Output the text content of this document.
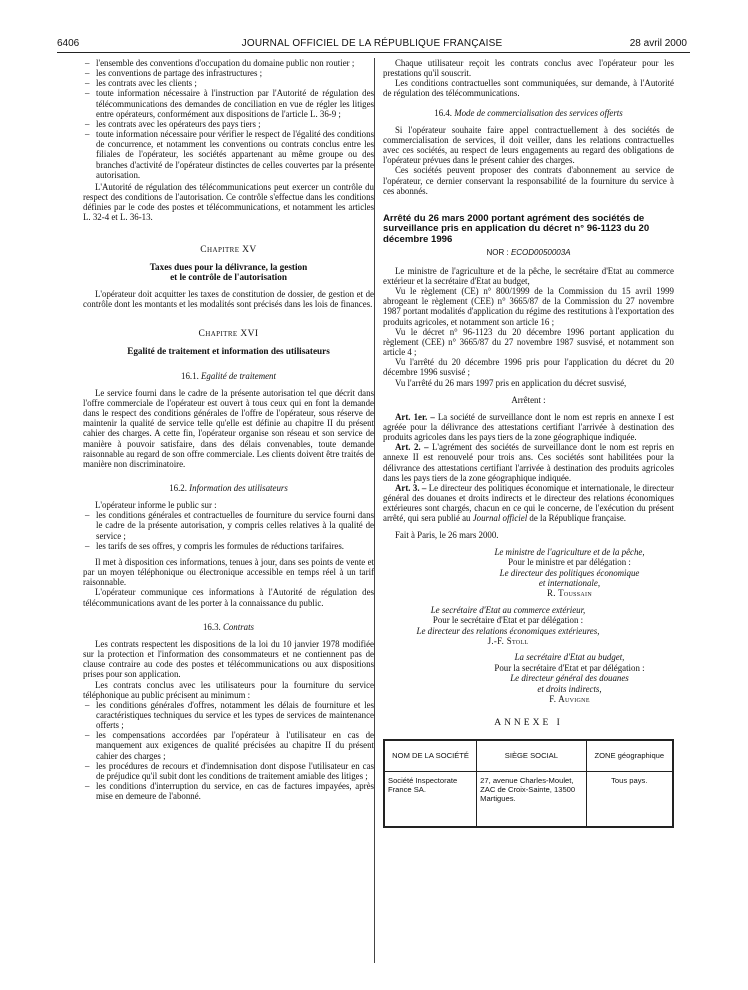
6406	JOURNAL OFFICIEL DE LA RÉPUBLIQUE FRANÇAISE	28 avril 2000
– l'ensemble des conventions d'occupation du domaine public non routier ;
– les conventions de partage des infrastructures ;
– les contrats avec les clients ;
– toute information nécessaire à l'instruction par l'Autorité de régulation des télécommunications des demandes de conciliation en vue de régler les litiges entre opérateurs, conformément aux dispositions de l'article L. 36-9 ;
– les contrats avec les opérateurs des pays tiers ;
– toute information nécessaire pour vérifier le respect de l'égalité des conditions de concurrence, et notamment les conventions ou contrats conclus entre les filiales de l'opérateur, les sociétés appartenant au même groupe ou des branches d'activité de l'opérateur distinctes de celles couvertes par la présente autorisation.

L'Autorité de régulation des télécommunications peut exercer un contrôle du respect des conditions de l'autorisation. Ce contrôle s'effectue dans les conditions définies par le code des postes et télécommunications, et notamment les articles L. 32-4 et L. 36-13.

Chapitre XV
Taxes dues pour la délivrance, la gestion
et le contrôle de l'autorisation

L'opérateur doit acquitter les taxes de constitution de dossier, de gestion et de contrôle dont les montants et les modalités sont précisés dans les lois de finances.

Chapitre XVI
Egalité de traitement et information des utilisateurs
16.1. Egalité de traitement

Le service fourni dans le cadre de la présente autorisation tel que décrit dans l'offre commerciale de l'opérateur est ouvert à tous ceux qui en font la demande dans le respect des conditions générales de l'offre de l'opérateur, sous réserve de maintenir la qualité de service telle qu'elle est définie au chapitre II du présent cahier des charges. A cette fin, l'opérateur organise son réseau et son service de manière à pouvoir satisfaire, dans des délais convenables, toute demande raisonnable au regard de son offre commerciale. Les clients doivent être traités de manière non discriminatoire.

16.2. Information des utilisateurs

L'opérateur informe le public sur :

– les conditions générales et contractuelles de fourniture du service fourni dans le cadre de la présente autorisation, y compris celles relatives à la qualité de service ;
– les tarifs de ses offres, y compris les formules de réductions tarifaires.

Il met à disposition ces informations, tenues à jour, dans ses points de vente et par un moyen téléphonique ou électronique accessible en temps réel à un tarif raisonnable.

L'opérateur communique ces informations à l'Autorité de régulation des télécommunications avant de les porter à la connaissance du public.

16.3. Contrats

Les contrats respectent les dispositions de la loi du 10 janvier 1978 modifiée sur la protection et l'information des consommateurs et ne contiennent pas de clause contraire au code des postes et télécommunications ou aux dispositions prises pour son application.

Les contrats conclus avec les utilisateurs pour la fourniture du service téléphonique au public précisent au minimum :

– les conditions générales d'offres, notamment les délais de fourniture et les caractéristiques techniques du service et les types de services de maintenance offerts ;
– les compensations accordées par l'opérateur à l'utilisateur en cas de manquement aux exigences de qualité précisées au chapitre II du présent cahier des charges ;
– les procédures de recours et d'indemnisation dont dispose l'utilisateur en cas de préjudice qu'il subit dont les conditions de traitement amiable des litiges ;
– les conditions d'interruption du service, en cas de factures impayées, après mise en demeure de l'abonné.

Chaque utilisateur reçoit les contrats conclus avec l'opérateur pour les prestations qu'il souscrit.

Les conditions contractuelles sont communiquées, sur demande, à l'Autorité de régulation des télécommunications.

16.4. Mode de commercialisation des services offerts

Si l'opérateur souhaite faire appel contractuellement à des sociétés de commercialisation de services, il doit veiller, dans les relations contractuelles avec ces sociétés, au respect de leurs engagements au regard des obligations de l'opérateur prévues dans le présent cahier des charges.

Ces sociétés peuvent proposer des contrats d'abonnement au service de l'opérateur, ce dernier conservant la responsabilité de la fourniture du service à ces abonnés.

Arrêté du 26 mars 2000 portant agrément des sociétés de surveillance pris en application du décret n° 96-1123 du 20 décembre 1996
NOR : ECOD0050003A

Le ministre de l'agriculture et de la pêche, le secrétaire d'Etat au commerce extérieur et la secrétaire d'Etat au budget,

Vu le règlement (CE) n° 800/1999 de la Commission du 15 avril 1999 abrogeant le règlement (CEE) n° 3665/87 de la Commission du 27 novembre 1987 portant modalités d'application du régime des restitutions à l'exportation des produits agricoles, et notamment son article 16 ;

Vu le décret n° 96-1123 du 20 décembre 1996 portant application du règlement (CEE) n° 3665/87 du 27 novembre 1987 susvisé, et notamment son article 4 ;

Vu l'arrêté du 20 décembre 1996 pris pour l'application du décret du 20 décembre 1996 susvisé ;

Vu l'arrêté du 26 mars 1997 pris en application du décret susvisé,

Arrêtent :

Art. 1er. – La société de surveillance dont le nom est repris en annexe I est agréée pour la délivrance des attestations certifiant l'arrivée à destination des produits agricoles dans les pays tiers de la zone géographique indiquée.

Art. 2. – L'agrément des sociétés de surveillance dont le nom est repris en annexe II est renouvelé pour trois ans. Ces sociétés sont habilitées pour la délivrance des attestations certifiant l'arrivée à destination des produits agricoles dans les pays tiers de la zone géographique indiquée.

Art. 3. – Le directeur des politiques économique et internationale, le directeur général des douanes et droits indirects et le directeur des relations économiques extérieures sont chargés, chacun en ce qui le concerne, de l'exécution du présent arrêté, qui sera publié au Journal officiel de la République française.

Fait à Paris, le 26 mars 2000.

Le ministre de l'agriculture et de la pêche,
Pour le ministre et par délégation :
Le directeur des politiques économique
et internationale,
R. Toussain
Le secrétaire d'Etat au commerce extérieur,
Pour le secrétaire d'Etat et par délégation :
Le directeur des relations économiques extérieures,
J.-F. Stoll
La secrétaire d'Etat au budget,
Pour la secrétaire d'Etat et par délégation :
Le directeur général des douanes
et droits indirects,
F. Auvigne
ANNEXE I
NOM DE LA SOCIÉTÉ	SIÈGE SOCIAL	ZONE géographique
Société Inspectorate France SA.	27, avenue Charles-Moulet, ZAC de Croix-Sainte, 13500 Martigues.	Tous pays.
